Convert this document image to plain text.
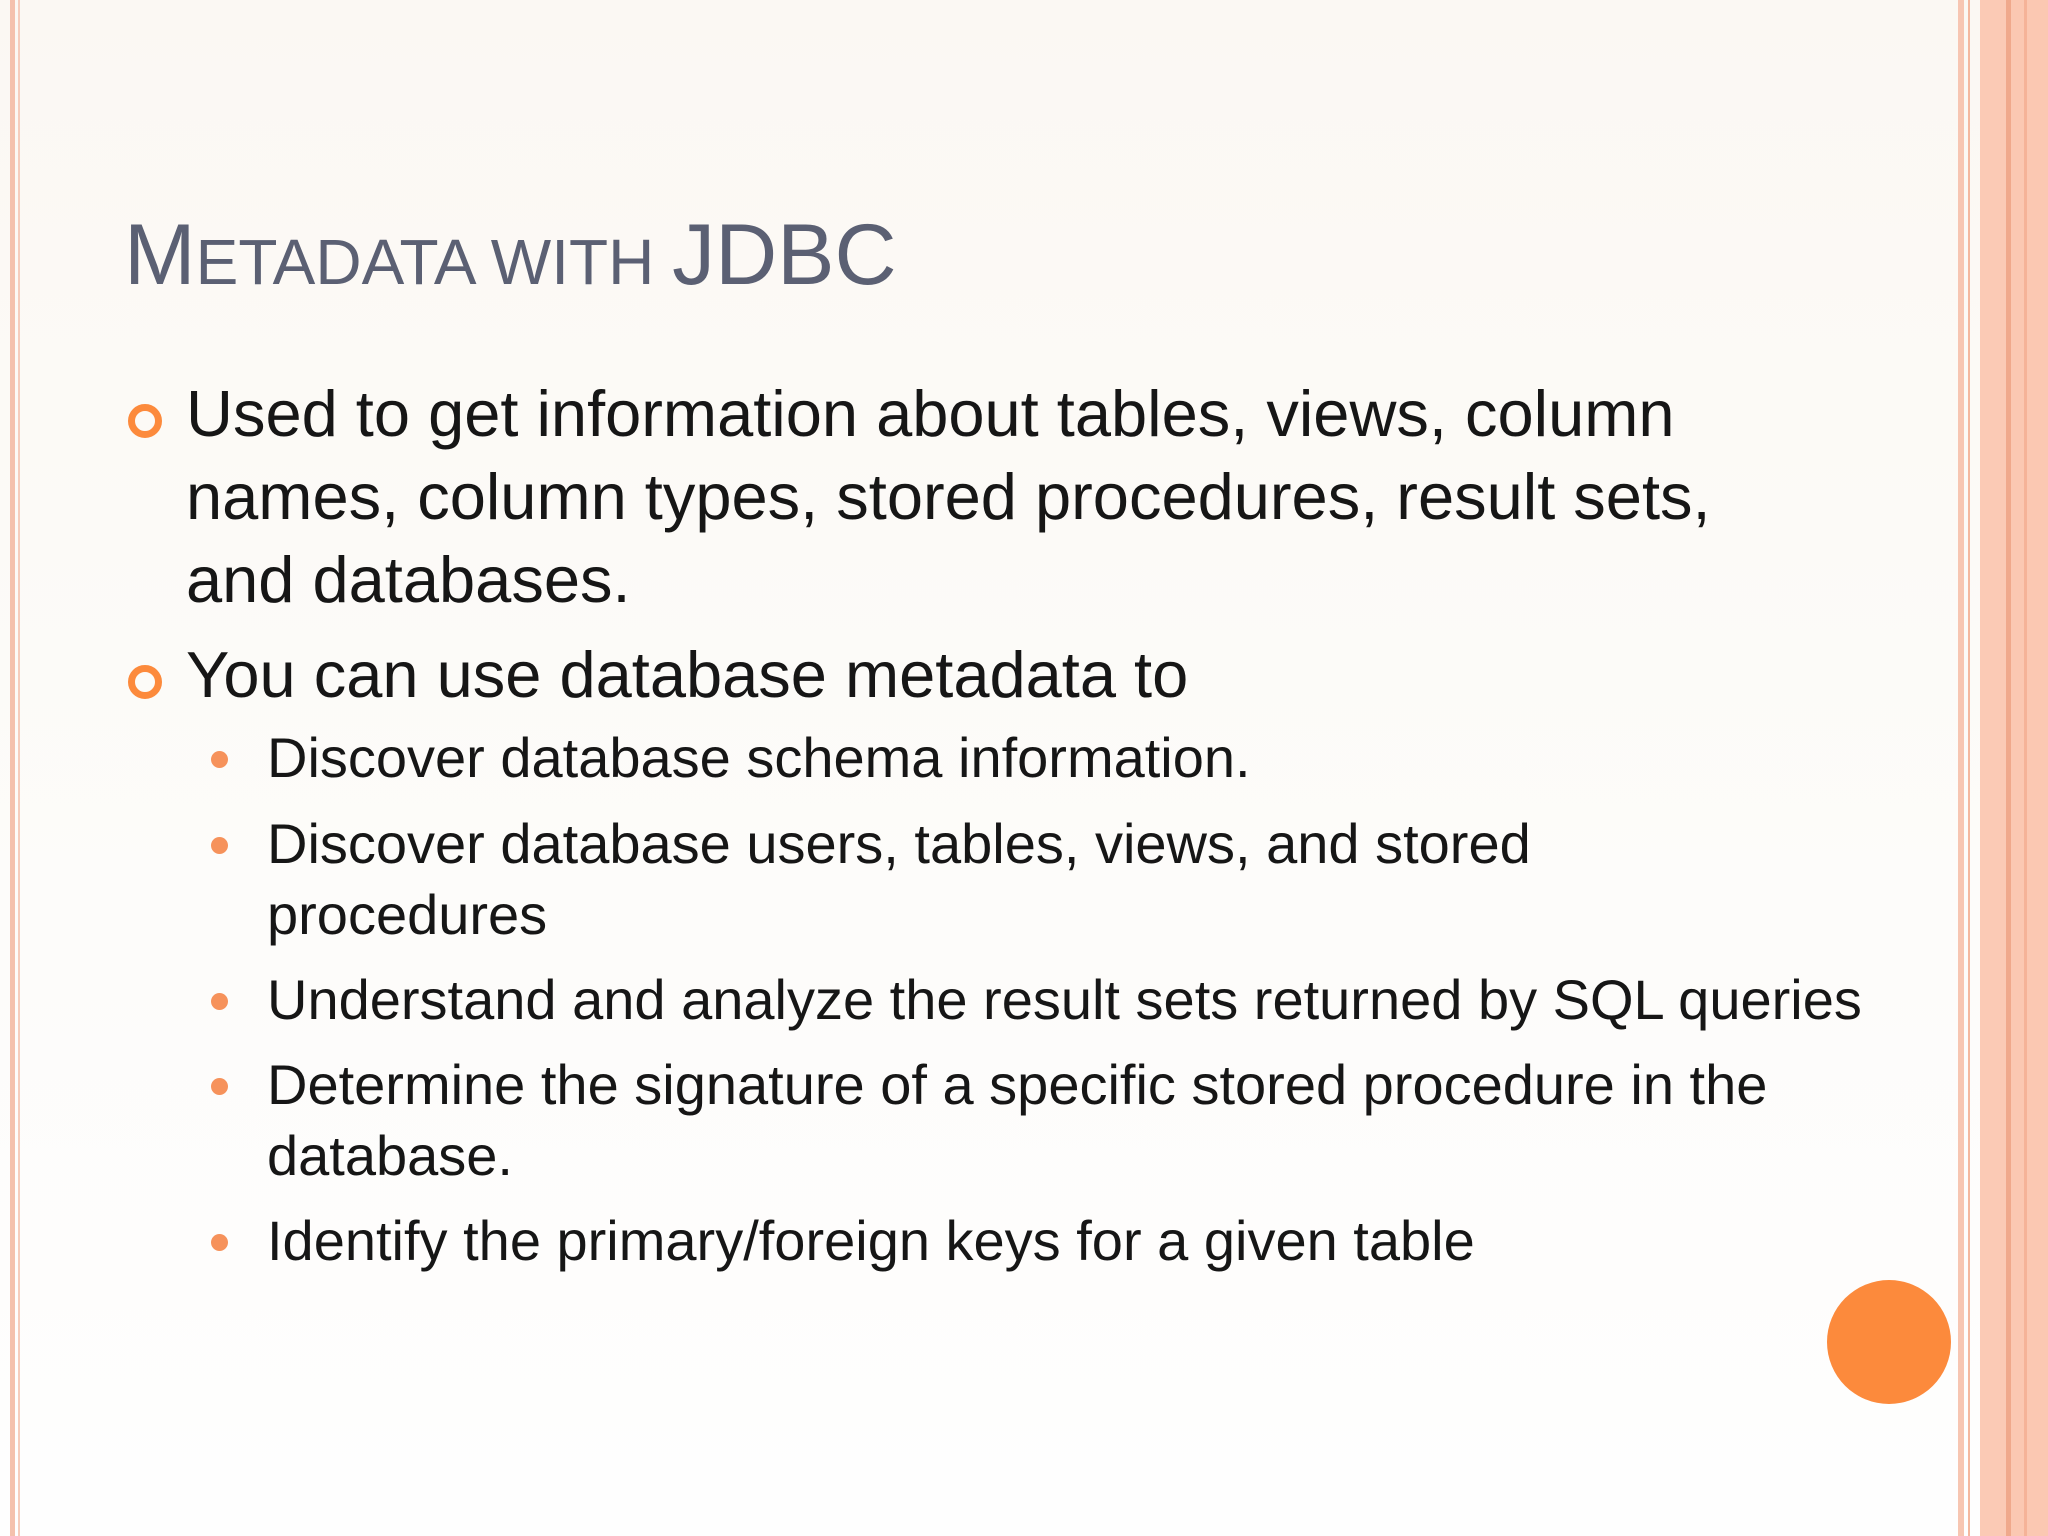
METADATA WITH JDBC
Used to get information about tables, views, column names, column types, stored procedures, result sets, and databases.
You can use database metadata to
Discover database schema information.
Discover database users, tables, views, and stored procedures
Understand and analyze the result sets returned by SQL queries
Determine the signature of a specific stored procedure in the database.
Identify the primary/foreign keys for a given table
